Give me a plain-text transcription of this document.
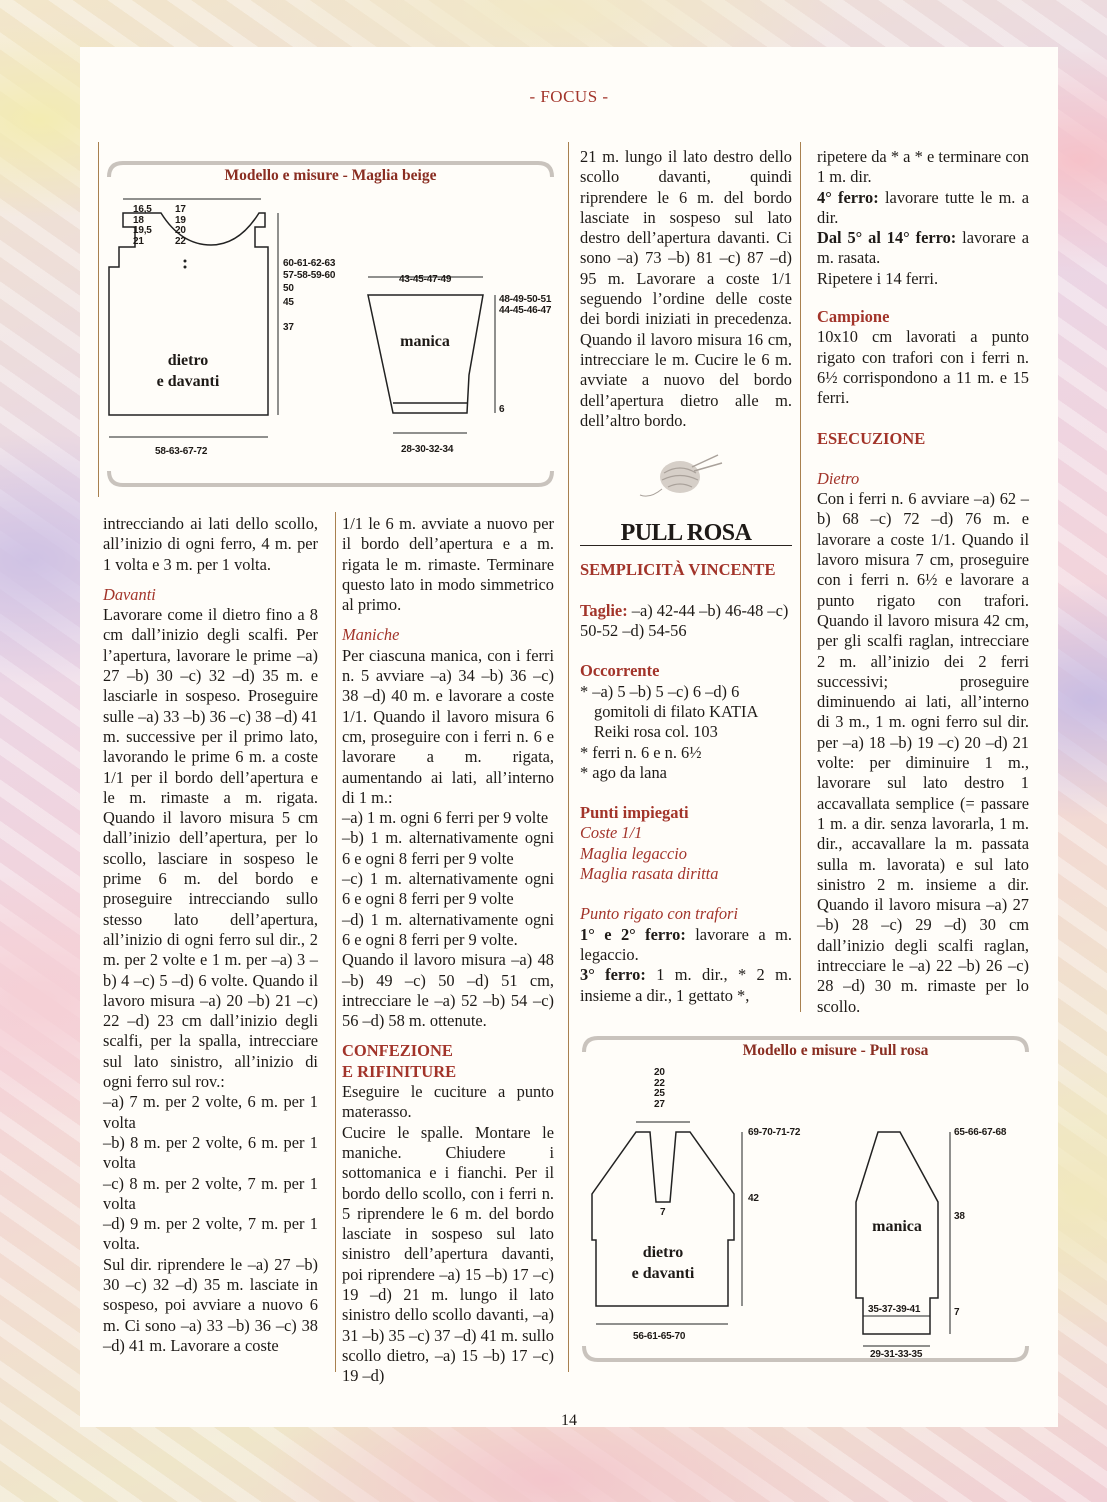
- FOCUS -
Modello e misure - Maglia beige
16,5
18
19,5
21
17
19
20
22
60-61-62-63
57-58-59-60
50
45
37
dietro
e davanti
58-63-67-72
43-45-47-49
48-49-50-51
44-45-46-47
manica
6
28-30-32-34

intrecciando ai lati dello scollo, all’inizio di ogni ferro, 4 m. per 1 volta e 3 m. per 1 volta.

Davanti

Lavorare come il dietro fino a 8 cm dall’inizio degli scalfi. Per l’apertura, lavorare le prime –a) 27 –b) 30 –c) 32 –d) 35 m. e lasciarle in sospeso. Proseguire sulle –a) 33 –b) 36 –c) 38 –d) 41 m. successive per il primo lato, lavorando le prime 6 m. a coste 1/1 per il bordo dell’apertura e le m. rimaste a m. rigata. Quando il lavoro misura 5 cm dall’inizio dell’apertura, per lo scollo, lasciare in sospeso le prime 6 m. del bordo e proseguire intrecciando sullo stesso lato dell’apertura, all’inizio di ogni ferro sul dir., 2 m. per 2 volte e 1 m. per –a) 3 –b) 4 –c) 5 –d) 6 volte. Quando il lavoro misura –a) 20 –b) 21 –c) 22 –d) 23 cm dall’inizio degli scalfi, per la spalla, intrecciare sul lato sinistro, all’inizio di ogni ferro sul rov.:

–a) 7 m. per 2 volte, 6 m. per 1 volta

–b) 8 m. per 2 volte, 6 m. per 1 volta

–c) 8 m. per 2 volte, 7 m. per 1 volta

–d) 9 m. per 2 volte, 7 m. per 1 volta.

Sul dir. riprendere le –a) 27 –b) 30 –c) 32 –d) 35 m. lasciate in sospeso, poi avviare a nuovo 6 m. Ci sono –a) 33 –b) 36 –c) 38 –d) 41 m. Lavorare a coste

1/1 le 6 m. avviate a nuovo per il bordo dell’apertura e a m. rigata le m. rimaste. Terminare questo lato in modo simmetrico al primo.

Maniche

Per ciascuna manica, con i ferri n. 5 avviare –a) 34 –b) 36 –c) 38 –d) 40 m. e lavorare a coste 1/1. Quando il lavoro misura 6 cm, proseguire con i ferri n. 6 e lavorare a m. rigata, aumentando ai lati, all’interno di 1 m.:

–a) 1 m. ogni 6 ferri per 9 volte

–b) 1 m. alternativamente ogni 6 e ogni 8 ferri per 9 volte

–c) 1 m. alternativamente ogni 6 e ogni 8 ferri per 9 volte

–d) 1 m. alternativamente ogni 6 e ogni 8 ferri per 9 volte.

Quando il lavoro misura –a) 48 –b) 49 –c) 50 –d) 51 cm, intrecciare le –a) 52 –b) 54 –c) 56 –d) 58 m. ottenute.

CONFEZIONE E RIFINITURE

Eseguire le cuciture a punto materasso.

Cucire le spalle. Montare le maniche. Chiudere i sottomanica e i fianchi. Per il bordo dello scollo, con i ferri n. 5 riprendere le 6 m. del bordo lasciate in sospeso sul lato sinistro dell’apertura davanti, poi riprendere –a) 15 –b) 17 –c) 19 –d) 21 m. lungo il lato sinistro dello scollo davanti, –a) 31 –b) 35 –c) 37 –d) 41 m. sullo scollo dietro, –a) 15 –b) 17 –c) 19 –d)

21 m. lungo il lato destro dello scollo davanti, quindi riprendere le 6 m. del bordo lasciate in sospeso sul lato destro dell’apertura davanti. Ci sono –a) 73 –b) 81 –c) 87 –d) 95 m. Lavorare a coste 1/1 seguendo l’ordine delle coste dei bordi iniziati in precedenza. Quando il lavoro misura 16 cm, intrecciare le m. Cucire le 6 m. avviate a nuovo del bordo dell’apertura dietro alle m. dell’altro bordo.

PULL ROSA

SEMPLICITÀ VINCENTE

Taglie: –a) 42-44 –b) 46-48 –c) 50-52 –d) 54-56

Occorrente

* –a) 5 –b) 5 –c) 6 –d) 6 gomitoli di filato KATIA Reiki rosa col. 103

* ferri n. 6 e n. 6½

* ago da lana

Punti impiegati

Coste 1/1

Maglia legaccio

Maglia rasata diritta

Punto rigato con trafori

1° e 2° ferro: lavorare a m. legaccio.

3° ferro: 1 m. dir., * 2 m. insieme a dir., 1 gettato *,

ripetere da * a * e terminare con 1 m. dir.

4° ferro: lavorare tutte le m. a dir.

Dal 5° al 14° ferro: lavorare a m. rasata.

Ripetere i 14 ferri.

Campione

10x10 cm lavorati a punto rigato con trafori con i ferri n. 6½ corrispondono a 11 m. e 15 ferri.

ESECUZIONE

Dietro

Con i ferri n. 6 avviare –a) 62 –b) 68 –c) 72 –d) 76 m. e lavorare a coste 1/1. Quando il lavoro misura 7 cm, proseguire con i ferri n. 6½ e lavorare a punto rigato con trafori. Quando il lavoro misura 42 cm, per gli scalfi raglan, intrecciare 2 m. all’inizio dei 2 ferri successivi; proseguire diminuendo ai lati, all’interno di 3 m., 1 m. ogni ferro sul dir. per –a) 18 –b) 19 –c) 20 –d) 21 volte: per diminuire 1 m., lavorare sul lato destro 1 accavallata semplice (= passare 1 m. a dir. senza lavorarla, 1 m. dir., accavallare la m. passata sulla m. lavorata) e sul lato sinistro 2 m. insieme a dir. Quando il lavoro misura –a) 27 –b) 28 –c) 29 –d) 30 cm dall’inizio degli scalfi raglan, intrecciare le –a) 22 –b) 26 –c) 28 –d) 30 m. rimaste per lo scollo.

Modello e misure - Pull rosa
20
22
25
27
69-70-71-72
42
7
dietro
e davanti
56-61-65-70
65-66-67-68
38
manica
35-37-39-41	7
29-31-33-35
14
